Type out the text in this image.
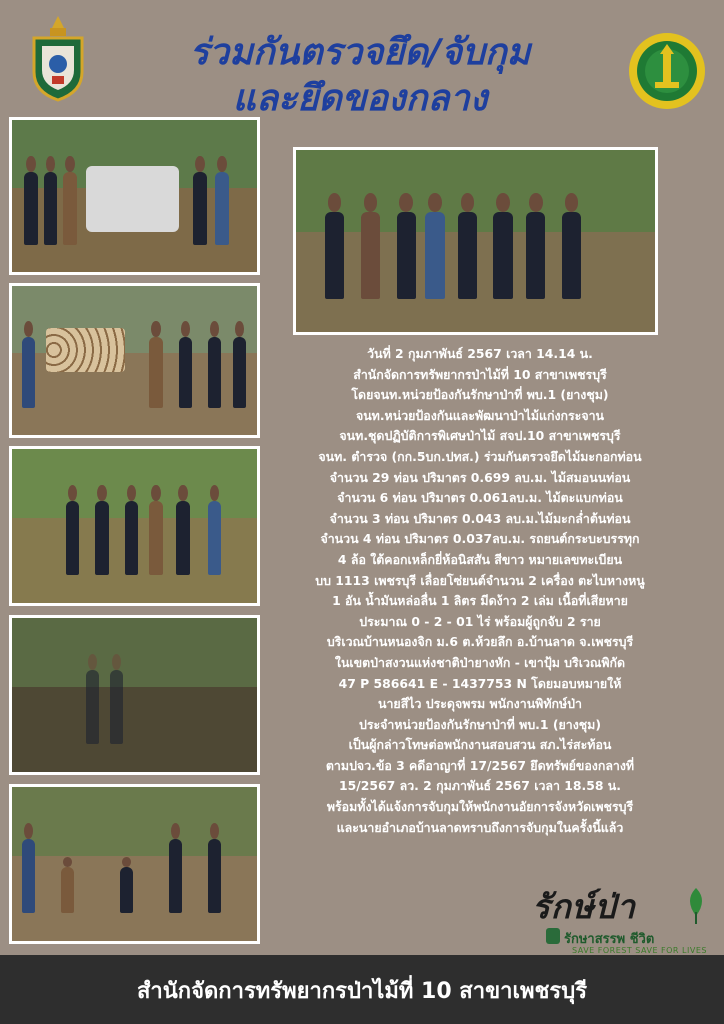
ร่วมกันตรวจยึด/จับกุม
และยึดของกลาง
วันที่ 2 กุมภาพันธ์ 2567 เวลา 14.14 น.
สำนักจัดการทรัพยากรป่าไม้ที่ 10 สาขาเพชรบุรี
โดยจนท.หน่วยป้องกันรักษาป่าที่ พบ.1 (ยางชุม)
จนท.หน่วยป้องกันและพัฒนาป่าไม้แก่งกระจาน
จนท.ชุดปฏิบัติการพิเศษป่าไม้ สจป.10 สาขาเพชรบุรี
จนท. ตำรวจ (กก.5บก.ปทส.) ร่วมกันตรวจยึดไม้มะกอกท่อน
จำนวน 29 ท่อน ปริมาตร 0.699 ลบ.ม. ไม้สมอนนท่อน
จำนวน 6 ท่อน ปริมาตร 0.061ลบ.ม. ไม้ตะแบกท่อน
จำนวน 3 ท่อน ปริมาตร 0.043 ลบ.ม.ไม้มะกล่ำต้นท่อน
จำนวน 4 ท่อน ปริมาตร 0.037ลบ.ม. รถยนต์กระบะบรรทุก
4 ล้อ ใต้คอกเหล็กยี่ห้อนิสสัน สีขาว หมายเลขทะเบียน
บบ 1113 เพชรบุรี เลื่อยโซ่ยนต์จำนวน 2 เครื่อง ตะไบหางหนู
1 อัน น้ำมันหล่อลื่น 1 ลิตร มีดง้าว 2 เล่ม เนื้อที่เสียหาย
ประมาณ 0 - 2 - 01 ไร่ พร้อมผู้ถูกจับ 2 ราย
บริเวณบ้านหนองจิก ม.6 ต.ห้วยลึก อ.บ้านลาด จ.เพชรบุรี
ในเขตป่าสงวนแห่งชาติป่ายางหัก - เขาปุ้ม บริเวณพิกัด
47 P 586641 E - 1437753 N โดยมอบหมายให้
นายสีไว ประดุจพรม พนักงานพิทักษ์ป่า
ประจำหน่วยป้องกันรักษาป่าที่ พบ.1 (ยางชุม)
เป็นผู้กล่าวโทษต่อพนักงานสอบสวน สภ.ไร่สะท้อน
ตามปจว.ข้อ 3 คดีอาญาที่ 17/2567 ยึดทรัพย์ของกลางที่
15/2567 ลว. 2 กุมภาพันธ์ 2567 เวลา 18.58 น.
พร้อมทั้งได้แจ้งการจับกุมให้พนักงานอัยการจังหวัดเพชรบุรี
และนายอำเภอบ้านลาดทราบถึงการจับกุมในครั้งนี้แล้ว
รักษ์ป่า
รักษาสรรพ ชีวิต
SAVE FOREST SAVE FOR LIVES
สำนักจัดการทรัพยากรป่าไม้ที่ 10 สาขาเพชรบุรี
